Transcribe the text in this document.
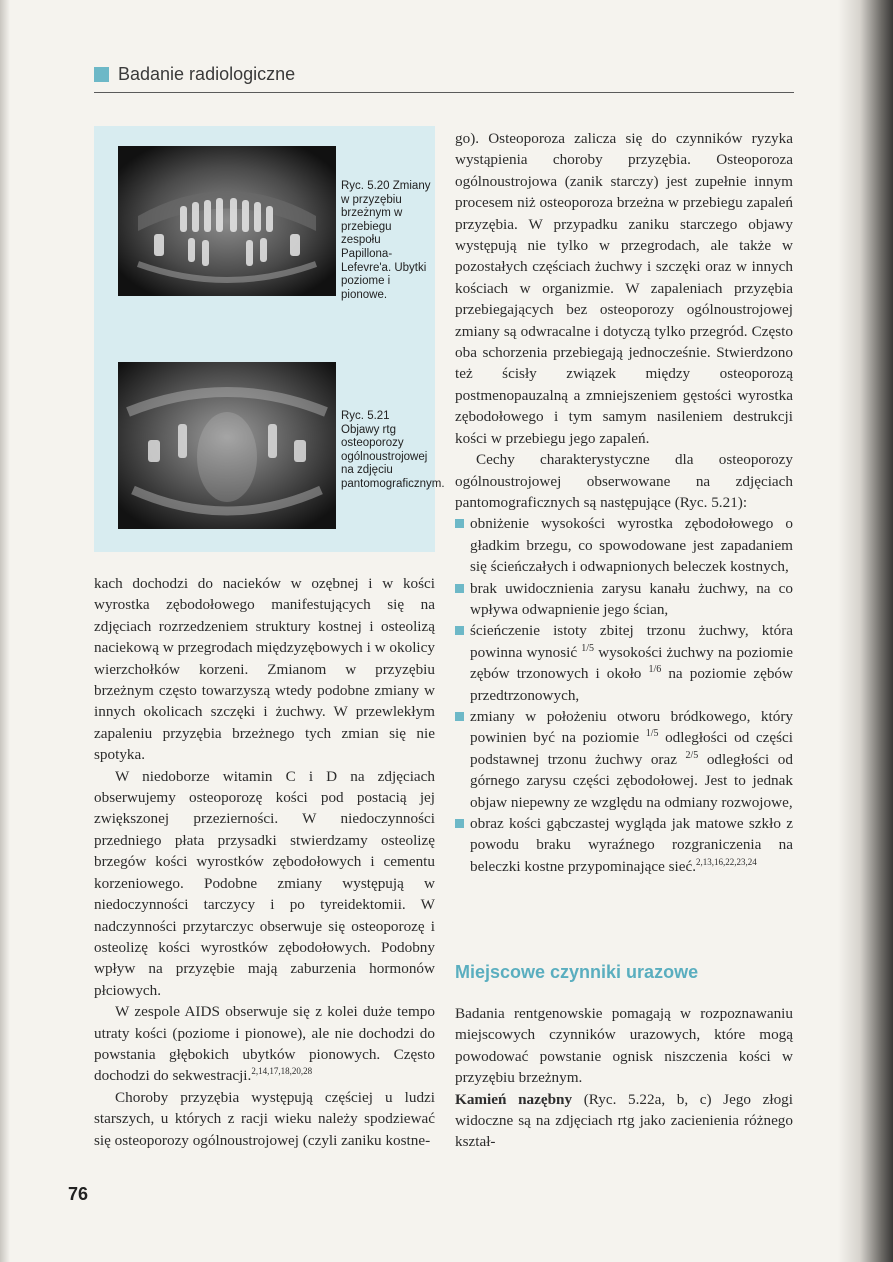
Badanie radiologiczne
Ryc. 5.20 Zmiany w przyzębiu brzeżnym w przebiegu zespołu Papillona-Lefevre'a. Ubytki poziome i pionowe.
Ryc. 5.21 Objawy rtg osteoporozy ogólnoustrojowej na zdjęciu pantomograficznym.

kach dochodzi do nacieków w ozębnej i w kości wyrostka zębodołowego manifestujących się na zdjęciach rozrzedzeniem struktury kostnej i osteolizą naciekową w przegrodach międzyzębowych i w okolicy wierzchołków korzeni. Zmianom w przyzębiu brzeżnym często towarzyszą wtedy podobne zmiany w innych okolicach szczęki i żuchwy. W przewlekłym zapaleniu przyzębia brzeżnego tych zmian się nie spotyka.

W niedoborze witamin C i D na zdjęciach obserwujemy osteoporozę kości pod postacią jej zwiększonej przezierności. W niedoczynności przedniego płata przysadki stwierdzamy osteolizę brzegów kości wyrostków zębodołowych i cementu korzeniowego. Podobne zmiany występują w niedoczynności tarczycy i po tyreidektomii. W nadczynności przytarczyc obserwuje się osteoporozę i osteolizę kości wyrostków zębodołowych. Podobny wpływ na przyzębie mają zaburzenia hormonów płciowych.

W zespole AIDS obserwuje się z kolei duże tempo utraty kości (poziome i pionowe), ale nie dochodzi do powstania głębokich ubytków pionowych. Często dochodzi do sekwestracji.$^{2,14,17,18,20,28}$

Choroby przyzębia występują częściej u ludzi starszych, u których z racji wieku należy spodziewać się osteoporozy ogólnoustrojowej (czyli zaniku kostne-

go). Osteoporoza zalicza się do czynników ryzyka wystąpienia choroby przyzębia. Osteoporoza ogólnoustrojowa (zanik starczy) jest zupełnie innym procesem niż osteoporoza brzeżna w przebiegu zapaleń przyzębia. W przypadku zaniku starczego objawy występują nie tylko w przegrodach, ale także w pozostałych częściach żuchwy i szczęki oraz w innych kościach w organizmie. W zapaleniach przyzębia przebiegających bez osteoporozy ogólnoustrojowej zmiany są odwracalne i dotyczą tylko przegród. Często oba schorzenia przebiegają jednocześnie. Stwierdzono też ścisły związek między osteoporozą postmenopauzalną a zmniejszeniem gęstości wyrostka zębodołowego i tym samym nasileniem destrukcji kości w przebiegu jego zapaleń.

Cechy charakterystyczne dla osteoporozy ogólnoustrojowej obserwowane na zdjęciach pantomograficznych są następujące (Ryc. 5.21):

obniżenie wysokości wyrostka zębodołowego o gładkim brzegu, co spowodowane jest zapadaniem się ścieńczałych i odwapnionych beleczek kostnych,
brak uwidocznienia zarysu kanału żuchwy, na co wpływa odwapnienie jego ścian,
ścieńczenie istoty zbitej trzonu żuchwy, która powinna wynosić $^{1/5}$ wysokości żuchwy na poziomie zębów trzonowych i około $^{1/6}$ na poziomie zębów przedtrzonowych,
zmiany w położeniu otworu bródkowego, który powinien być na poziomie $^{1/5}$ odległości od części podstawnej trzonu żuchwy oraz $^{2/5}$ odległości od górnego zarysu części zębodołowej. Jest to jednak objaw niepewny ze względu na odmiany rozwojowe,
obraz kości gąbczastej wygląda jak matowe szkło z powodu braku wyraźnego rozgraniczenia na beleczki kostne przypominające sieć.$^{2,13,16,22,23,24}$
Miejscowe czynniki urazowe

Badania rentgenowskie pomagają w rozpoznawaniu miejscowych czynników urazowych, które mogą powodować powstanie ognisk niszczenia kości w przyzębiu brzeżnym.

Kamień nazębny (Ryc. 5.22a, b, c) Jego złogi widoczne są na zdjęciach rtg jako zacienienia różnego kształ-

76
